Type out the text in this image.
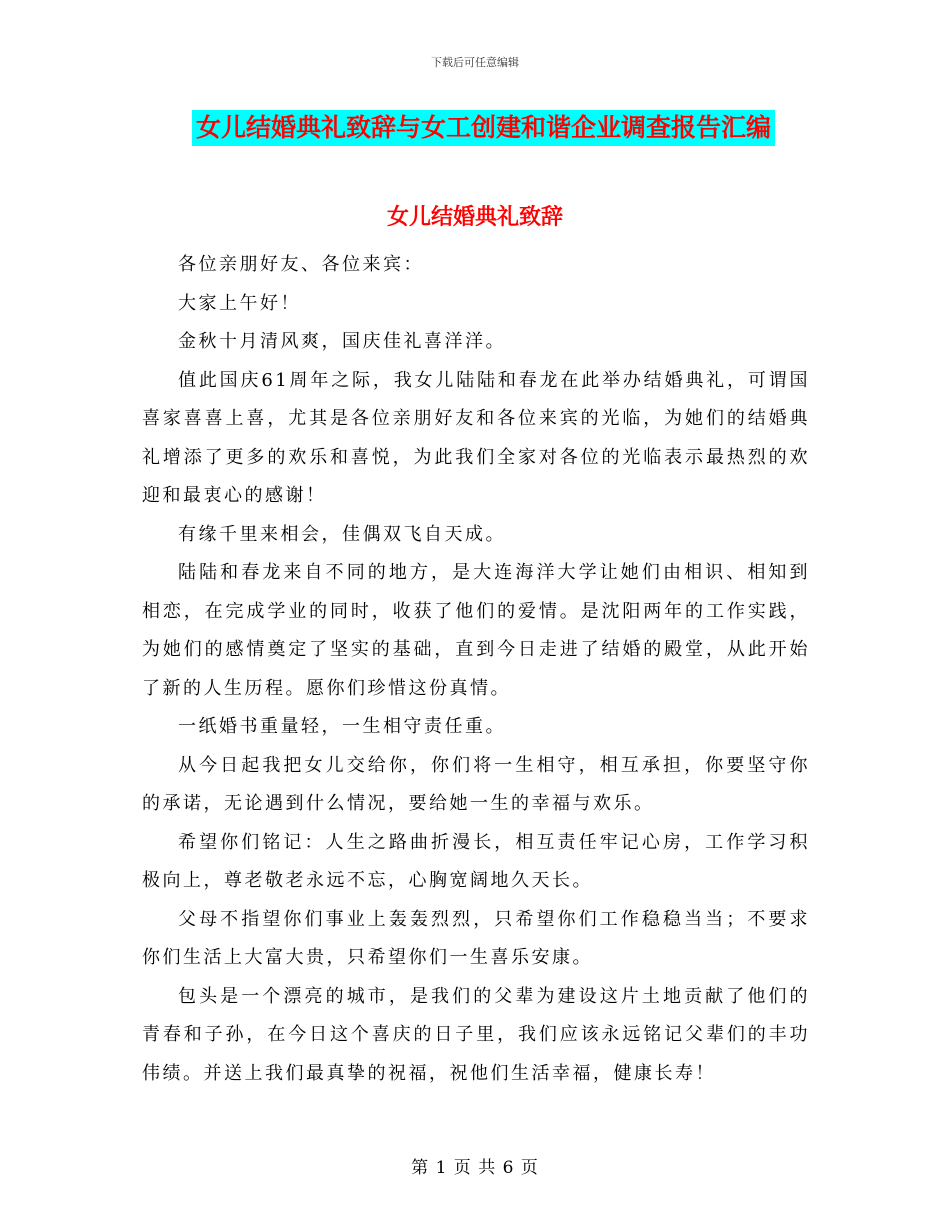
下载后可任意编辑
女儿结婚典礼致辞与女工创建和谐企业调查报告汇编
女儿结婚典礼致辞

各位亲朋好友、各位来宾：

大家上午好！

金秋十月清风爽，国庆佳礼喜洋洋。

值此国庆61周年之际，我女儿陆陆和春龙在此举办结婚典礼，可谓国喜家喜喜上喜，尤其是各位亲朋好友和各位来宾的光临，为她们的结婚典礼增添了更多的欢乐和喜悦，为此我们全家对各位的光临表示最热烈的欢迎和最衷心的感谢！

有缘千里来相会，佳偶双飞自天成。

陆陆和春龙来自不同的地方，是大连海洋大学让她们由相识、相知到相恋，在完成学业的同时，收获了他们的爱情。是沈阳两年的工作实践，为她们的感情奠定了坚实的基础，直到今日走进了结婚的殿堂，从此开始了新的人生历程。愿你们珍惜这份真情。

一纸婚书重量轻，一生相守责任重。

从今日起我把女儿交给你，你们将一生相守，相互承担，你要坚守你的承诺，无论遇到什么情况，要给她一生的幸福与欢乐。

希望你们铭记：人生之路曲折漫长，相互责任牢记心房，工作学习积极向上，尊老敬老永远不忘，心胸宽阔地久天长。

父母不指望你们事业上轰轰烈烈，只希望你们工作稳稳当当；不要求你们生活上大富大贵，只希望你们一生喜乐安康。

包头是一个漂亮的城市，是我们的父辈为建设这片土地贡献了他们的青春和子孙，在今日这个喜庆的日子里，我们应该永远铭记父辈们的丰功伟绩。并送上我们最真挚的祝福，祝他们生活幸福，健康长寿！

第 1 页 共 6 页
